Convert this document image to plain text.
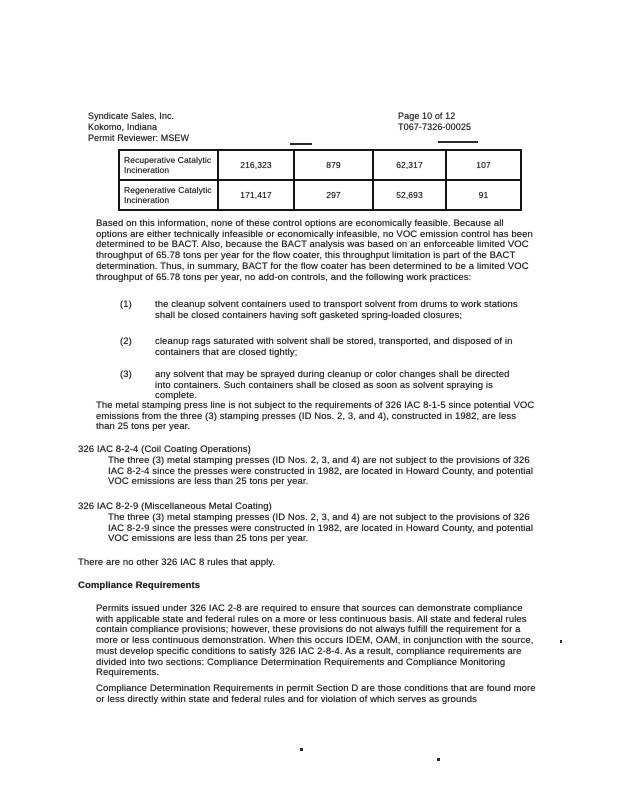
Syndicate Sales, Inc.
Kokomo, Indiana
Permit Reviewer: MSEW
Page 10 of 12
T067-7326-00025
Recuperative Catalytic Incineration	216,323	879	62,317	107
Regenerative Catalytic Incineration	171,417	297	52,693	91
Based on this information, none of these control options are economically feasible. Because all options are either technically infeasible or economically infeasible, no VOC emission control has been determined to be BACT. Also, because the BACT analysis was based on an enforceable limited VOC throughput of 65.78 tons per year for the flow coater, this throughput limitation is part of the BACT determination. Thus, in summary, BACT for the flow coater has been determined to be a limited VOC throughput of 65.78 tons per year, no add-on controls, and the following work practices:
(1) the cleanup solvent containers used to transport solvent from drums to work stations shall be closed containers having soft gasketed spring-loaded closures;
(2) cleanup rags saturated with solvent shall be stored, transported, and disposed of in containers that are closed tightly;
(3) any solvent that may be sprayed during cleanup or color changes shall be directed into containers. Such containers shall be closed as soon as solvent spraying is complete.
The metal stamping press line is not subject to the requirements of 326 IAC 8-1-5 since potential VOC emissions from the three (3) stamping presses (ID Nos. 2, 3, and 4), constructed in 1982, are less than 25 tons per year.
326 IAC 8-2-4 (Coil Coating Operations)
The three (3) metal stamping presses (ID Nos. 2, 3, and 4) are not subject to the provisions of 326 IAC 8-2-4 since the presses were constructed in 1982, are located in Howard County, and potential VOC emissions are less than 25 tons per year.
326 IAC 8-2-9 (Miscellaneous Metal Coating)
The three (3) metal stamping presses (ID Nos. 2, 3, and 4) are not subject to the provisions of 326 IAC 8-2-9 since the presses were constructed in 1982, are located in Howard County, and potential VOC emissions are less than 25 tons per year.
There are no other 326 IAC 8 rules that apply.
Compliance Requirements
Permits issued under 326 IAC 2-8 are required to ensure that sources can demonstrate compliance with applicable state and federal rules on a more or less continuous basis. All state and federal rules contain compliance provisions; however, these provisions do not always fulfill the requirement for a more or less continuous demonstration. When this occurs IDEM, OAM, in conjunction with the source, must develop specific conditions to satisfy 326 IAC 2-8-4. As a result, compliance requirements are divided into two sections: Compliance Determination Requirements and Compliance Monitoring Requirements.
Compliance Determination Requirements in permit Section D are those conditions that are found more or less directly within state and federal rules and for violation of which serves as grounds
